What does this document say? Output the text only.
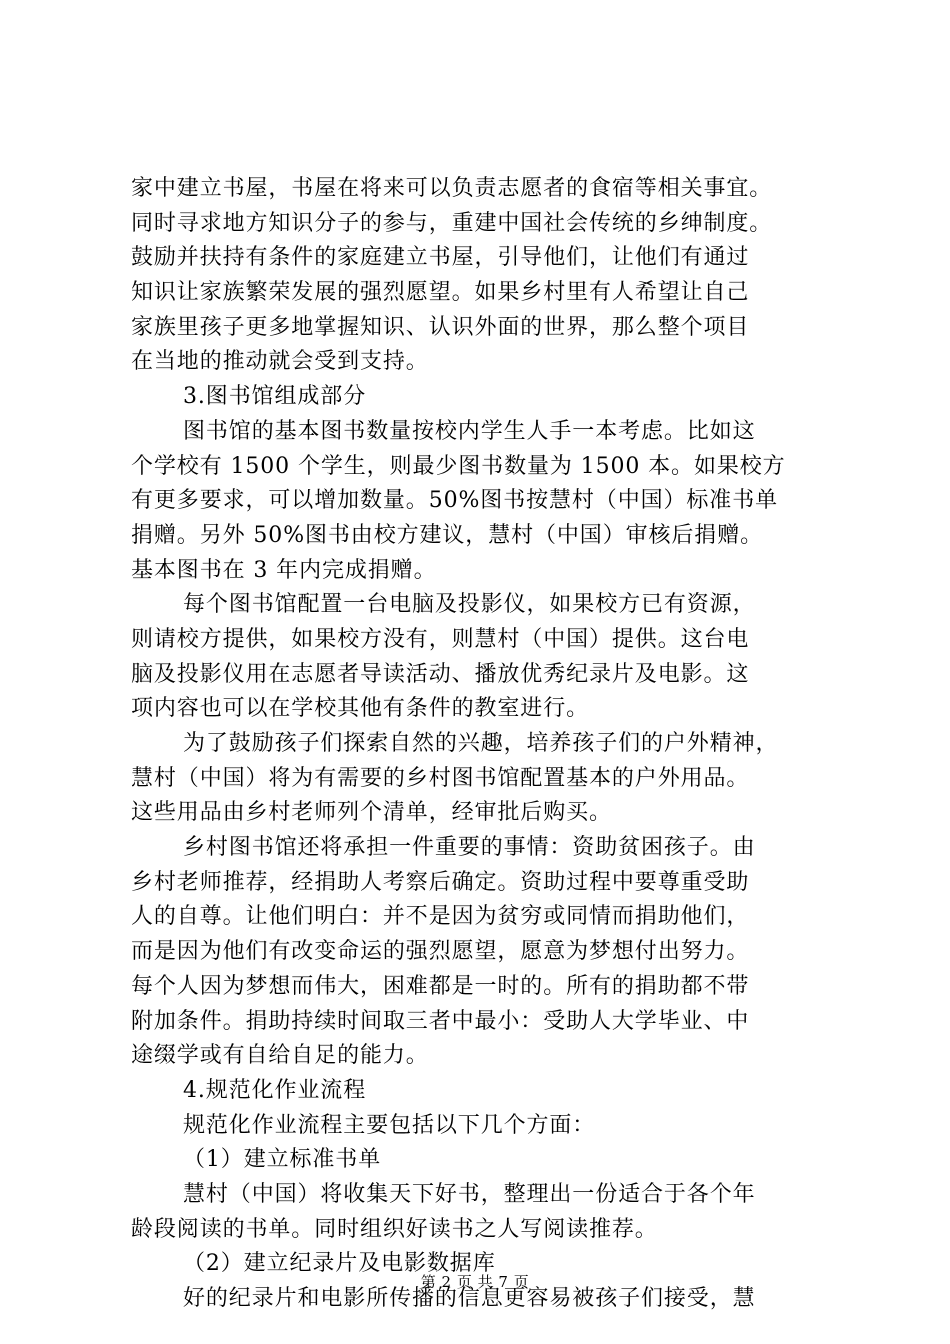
家中建立书屋，书屋在将来可以负责志愿者的食宿等相关事宜。
同时寻求地方知识分子的参与，重建中国社会传统的乡绅制度。
鼓励并扶持有条件的家庭建立书屋，引导他们，让他们有通过
知识让家族繁荣发展的强烈愿望。如果乡村里有人希望让自己
家族里孩子更多地掌握知识、认识外面的世界，那么整个项目
在当地的推动就会受到支持。
3.图书馆组成部分
图书馆的基本图书数量按校内学生人手一本考虑。比如这
个学校有 1500 个学生，则最少图书数量为 1500 本。如果校方
有更多要求，可以增加数量。50%图书按慧村（中国）标准书单
捐赠。另外 50%图书由校方建议，慧村（中国）审核后捐赠。
基本图书在 3 年内完成捐赠。
每个图书馆配置一台电脑及投影仪，如果校方已有资源，
则请校方提供，如果校方没有，则慧村（中国）提供。这台电
脑及投影仪用在志愿者导读活动、播放优秀纪录片及电影。这
项内容也可以在学校其他有条件的教室进行。
为了鼓励孩子们探索自然的兴趣，培养孩子们的户外精神，
慧村（中国）将为有需要的乡村图书馆配置基本的户外用品。
这些用品由乡村老师列个清单，经审批后购买。
乡村图书馆还将承担一件重要的事情：资助贫困孩子。由
乡村老师推荐，经捐助人考察后确定。资助过程中要尊重受助
人的自尊。让他们明白：并不是因为贫穷或同情而捐助他们，
而是因为他们有改变命运的强烈愿望，愿意为梦想付出努力。
每个人因为梦想而伟大，困难都是一时的。所有的捐助都不带
附加条件。捐助持续时间取三者中最小：受助人大学毕业、中
途缀学或有自给自足的能力。
4.规范化作业流程
规范化作业流程主要包括以下几个方面：
（1）建立标准书单
慧村（中国）将收集天下好书，整理出一份适合于各个年
龄段阅读的书单。同时组织好读书之人写阅读推荐。
（2）建立纪录片及电影数据库
好的纪录片和电影所传播的信息更容易被孩子们接受，慧
第 2 页 共 7 页
